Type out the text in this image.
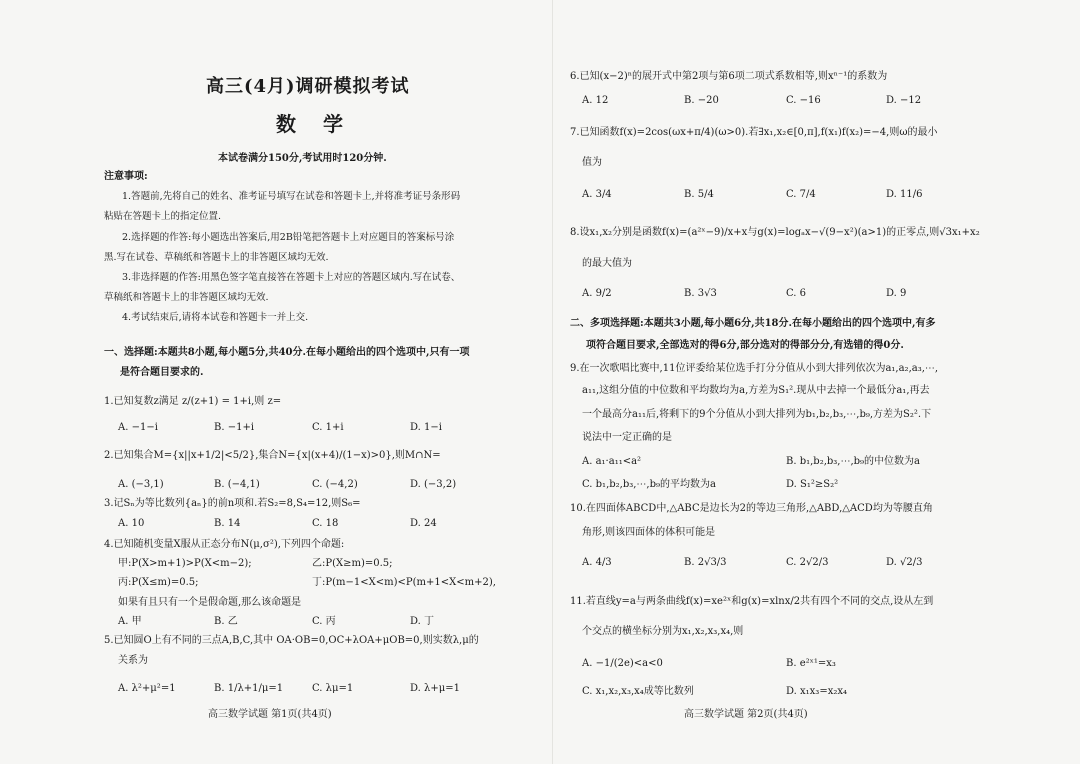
高三(4月)调研模拟考试
数 学
本试卷满分150分,考试用时120分钟.
注意事项:
1.答题前,先将自己的姓名、准考证号填写在试卷和答题卡上,并将准考证号条形码
粘贴在答题卡上的指定位置.
2.选择题的作答:每小题选出答案后,用2B铅笔把答题卡上对应题目的答案标号涂
黑.写在试卷、草稿纸和答题卡上的非答题区域均无效.
3.非选择题的作答:用黑色签字笔直接答在答题卡上对应的答题区域内.写在试卷、
草稿纸和答题卡上的非答题区域均无效.
4.考试结束后,请将本试卷和答题卡一并上交.
一、选择题:本题共8小题,每小题5分,共40分.在每小题给出的四个选项中,只有一项
是符合题目要求的.
1.已知复数z满足 z/(z+1) = 1+i,则 z=
A. −1−i	B. −1+i	C. 1+i	D. 1−i
2.已知集合M={x||x+1/2|<5/2},集合N={x|(x+4)/(1−x)>0},则M∩N=
A. (−3,1)	B. (−4,1)	C. (−4,2)	D. (−3,2)
3.记Sₙ为等比数列{aₙ}的前n项和.若S₂=8,S₄=12,则S₆=
A. 10	B. 14	C. 18	D. 24
4.已知随机变量X服从正态分布N(μ,σ²),下列四个命题:
甲:P(X>m+1)>P(X<m−2);	乙:P(X≥m)=0.5;
丙:P(X≤m)=0.5;	丁:P(m−1<X<m)<P(m+1<X<m+2),
如果有且只有一个是假命题,那么该命题是
A. 甲	B. 乙	C. 丙	D. 丁
5.已知圆O上有不同的三点A,B,C,其中 OA·OB=0,OC+λOA+μOB=0,则实数λ,μ的
关系为
A. λ²+μ²=1	B. 1/λ+1/μ=1	C. λμ=1	D. λ+μ=1
高三数学试题 第1页(共4页)
6.已知(x−2)ⁿ的展开式中第2项与第6项二项式系数相等,则xⁿ⁻¹的系数为
A. 12	B. −20	C. −16	D. −12
7.已知函数f(x)=2cos(ωx+π/4)(ω>0).若∃x₁,x₂∈[0,π],f(x₁)f(x₂)=−4,则ω的最小
值为
A. 3/4	B. 5/4	C. 7/4	D. 11/6
8.设x₁,x₂分别是函数f(x)=(a²ˣ−9)/x+x与g(x)=logₐx−√(9−x²)(a>1)的正零点,则√3x₁+x₂
的最大值为
A. 9/2	B. 3√3	C. 6	D. 9
二、多项选择题:本题共3小题,每小题6分,共18分.在每小题给出的四个选项中,有多
项符合题目要求,全部选对的得6分,部分选对的得部分分,有选错的得0分.
9.在一次歌唱比赛中,11位评委给某位选手打分分值从小到大排列依次为a₁,a₂,a₃,⋯,
a₁₁,这组分值的中位数和平均数均为a,方差为S₁².现从中去掉一个最低分a₁,再去
一个最高分a₁₁后,将剩下的9个分值从小到大排列为b₁,b₂,b₃,⋯,b₉,方差为S₂².下
说法中一定正确的是
A. a₁·a₁₁<a²	B. b₁,b₂,b₃,⋯,b₉的中位数为a
C. b₁,b₂,b₃,⋯,b₉的平均数为a	D. S₁²≥S₂²
10.在四面体ABCD中,△ABC是边长为2的等边三角形,△ABD,△ACD均为等腰直角
角形,则该四面体的体积可能是
A. 4/3	B. 2√3/3	C. 2√2/3	D. √2/3
11.若直线y=a与两条曲线f(x)=xe²ˣ和g(x)=xlnx/2共有四个不同的交点,设从左到
个交点的横坐标分别为x₁,x₂,x₃,x₄,则
A. −1/(2e)<a<0	B. e²ˣ¹=x₃
C. x₁,x₂,x₃,x₄成等比数列	D. x₁x₃=x₂x₄
高三数学试题 第2页(共4页)
